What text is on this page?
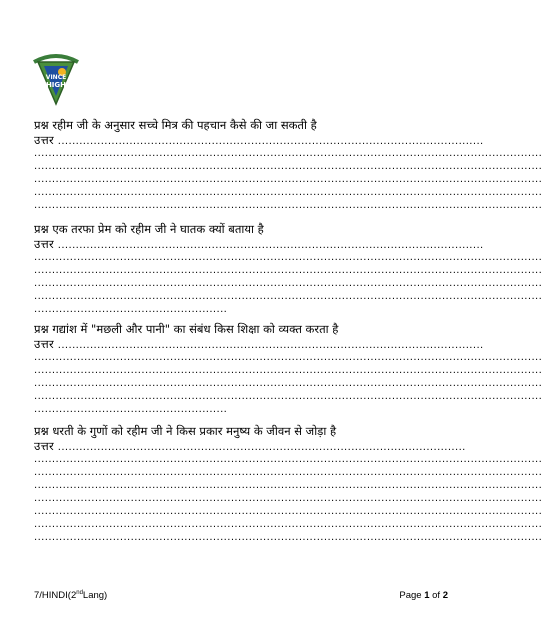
VINCE
HIGH
प्रश्न रहीम जी के अनुसार सच्चे मित्र की पहचान कैसे की जा सकती है
उत्तर .......................................................................................................................
..............................................................................................................................................
..............................................................................................................................................
..............................................................................................................................................
..............................................................................................................................................
..............................................................................................................................................
प्रश्न एक तरफा प्रेम को रहीम जी ने घातक क्यों बताया है
उत्तर .......................................................................................................................
..............................................................................................................................................
..............................................................................................................................................
..............................................................................................................................................
..............................................................................................................................................
......................................................
प्रश्न गद्यांश में "मछली और पानी" का संबंध किस शिक्षा को व्यक्त करता है
उत्तर .......................................................................................................................
..............................................................................................................................................
..............................................................................................................................................
..............................................................................................................................................
..............................................................................................................................................
......................................................
प्रश्न धरती के गुणों को रहीम जी ने किस प्रकार मनुष्य के जीवन से जोड़ा है
उत्तर ..................................................................................................................
..............................................................................................................................................
..............................................................................................................................................
..............................................................................................................................................
..............................................................................................................................................
..............................................................................................................................................
..............................................................................................................................................
..............................................................................................................................................
7/HINDI(2ndLang)	Page 1 of 2
